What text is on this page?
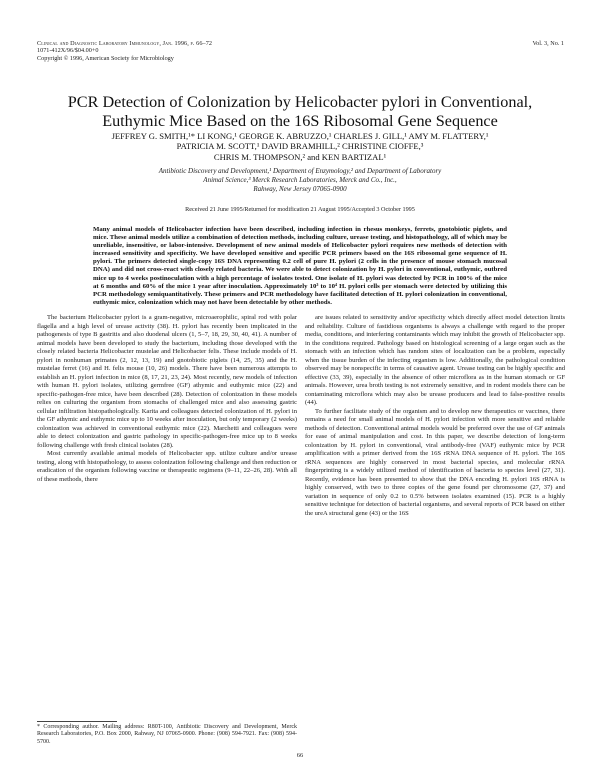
Clinical and Diagnostic Laboratory Immunology, Jan. 1996, p. 66–72
1071-412X/96/$04.00+0
Copyright © 1996, American Society for Microbiology
Vol. 3, No. 1
PCR Detection of Colonization by Helicobacter pylori in Conventional,
Euthymic Mice Based on the 16S Ribosomal Gene Sequence
JEFFREY G. SMITH,¹* LI KONG,¹ GEORGE K. ABRUZZO,¹ CHARLES J. GILL,¹ AMY M. FLATTERY,¹
PATRICIA M. SCOTT,¹ DAVID BRAMHILL,² CHRISTINE CIOFFE,³
CHRIS M. THOMPSON,² and KEN BARTIZAL¹
Antibiotic Discovery and Development,¹ Department of Enzymology,² and Department of Laboratory
Animal Science,³ Merck Research Laboratories, Merck and Co., Inc.,
Rahway, New Jersey 07065-0900
Received 21 June 1995/Returned for modification 21 August 1995/Accepted 3 October 1995
Many animal models of Helicobacter infection have been described, including infection in rhesus monkeys, ferrets, gnotobiotic piglets, and mice. These animal models utilize a combination of detection methods, including culture, urease testing, and histopathology, all of which may be unreliable, insensitive, or labor-intensive. Development of new animal models of Helicobacter pylori requires new methods of detection with increased sensitivity and specificity. We have developed sensitive and specific PCR primers based on the 16S ribosomal gene sequence of H. pylori. The primers detected single-copy 16S DNA representing 0.2 cell of pure H. pylori (2 cells in the presence of mouse stomach mucosal DNA) and did not cross-react with closely related bacteria. We were able to detect colonization by H. pylori in conventional, euthymic, outbred mice up to 4 weeks postinoculation with a high percentage of isolates tested. One isolate of H. pylori was detected by PCR in 100% of the mice at 6 months and 60% of the mice 1 year after inoculation. Approximately 10³ to 10⁴ H. pylori cells per stomach were detected by utilizing this PCR methodology semiquantitatively. These primers and PCR methodology have facilitated detection of H. pylori colonization in conventional, euthymic mice, colonization which may not have been detectable by other methods.

The bacterium Helicobacter pylori is a gram-negative, microaerophilic, spiral rod with polar flagella and a high level of urease activity (38). H. pylori has recently been implicated in the pathogenesis of type B gastritis and also duodenal ulcers (1, 5–7, 18, 29, 30, 40, 41). A number of animal models have been developed to study the bacterium, including those developed with the closely related bacteria Helicobacter mustelae and Helicobacter felis. These include models of H. pylori in nonhuman primates (2, 12, 13, 19) and gnotobiotic piglets (14, 25, 35) and the H. mustelae ferret (16) and H. felis mouse (10, 26) models. There have been numerous attempts to establish an H. pylori infection in mice (8, 17, 21, 23, 24). Most recently, new models of infection with human H. pylori isolates, utilizing germfree (GF) athymic and euthymic mice (22) and specific-pathogen-free mice, have been described (28). Detection of colonization in these models relies on culturing the organism from stomachs of challenged mice and also assessing gastric cellular infiltration histopathologically. Karita and colleagues detected colonization of H. pylori in the GF athymic and euthymic mice up to 10 weeks after inoculation, but only temporary (2 weeks) colonization was achieved in conventional euthymic mice (22). Marchetti and colleagues were able to detect colonization and gastric pathology in specific-pathogen-free mice up to 8 weeks following challenge with fresh clinical isolates (28).

Most currently available animal models of Helicobacter spp. utilize culture and/or urease testing, along with histopathology, to assess colonization following challenge and then reduction or eradication of the organism following vaccine or therapeutic regimens (9–11, 22–26, 28). With all of these methods, there

are issues related to sensitivity and/or specificity which directly affect model detection limits and reliability. Culture of fastidious organisms is always a challenge with regard to the proper media, conditions, and interfering contaminants which may inhibit the growth of Helicobacter spp. in the conditions required. Pathology based on histological screening of a large organ such as the stomach with an infection which has random sites of localization can be a problem, especially when the tissue burden of the infecting organism is low. Additionally, the pathological condition observed may be nonspecific in terms of causative agent. Urease testing can be highly specific and effective (33, 39), especially in the absence of other microflora as in the human stomach or GF animals. However, urea broth testing is not extremely sensitive, and in rodent models there can be contaminating microflora which may also be urease producers and lead to false-positive results (44).

To further facilitate study of the organism and to develop new therapeutics or vaccines, there remains a need for small animal models of H. pylori infection with more sensitive and reliable methods of detection. Conventional animal models would be preferred over the use of GF animals for ease of animal manipulation and cost. In this paper, we describe detection of long-term colonization by H. pylori in conventional, viral antibody-free (VAF) euthymic mice by PCR amplification with a primer derived from the 16S rRNA DNA sequence of H. pylori. The 16S rRNA sequences are highly conserved in most bacterial species, and molecular rRNA fingerprinting is a widely utilized method of identification of bacteria to species level (27, 31). Recently, evidence has been presented to show that the DNA encoding H. pylori 16S rRNA is highly conserved, with two to three copies of the gene found per chromosome (27, 37) and variation in sequence of only 0.2 to 0.5% between isolates examined (15). PCR is a highly sensitive technique for detection of bacterial organisms, and several reports of PCR based on either the ureA structural gene (43) or the 16S

* Corresponding author. Mailing address: R80T-100, Antibiotic Discovery and Development, Merck Research Laboratories, P.O. Box 2000, Rahway, NJ 07065-0900. Phone: (908) 594-7921. Fax: (908) 594-5700.
66
